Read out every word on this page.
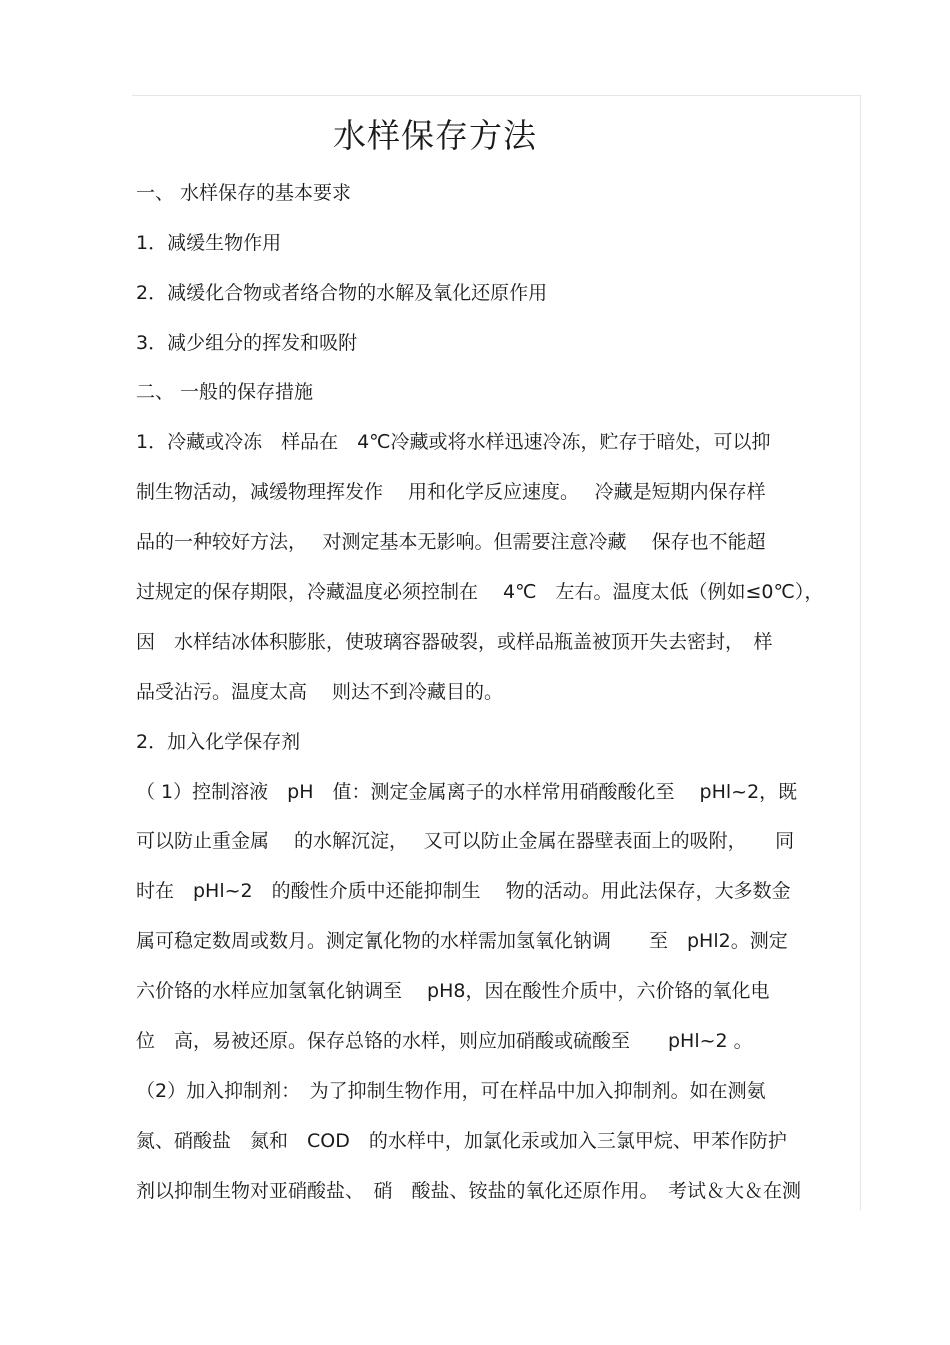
水样保存方法
一、 水样保存的基本要求
1．减缓生物作用
2．减缓化合物或者络合物的水解及氧化还原作用
3．减少组分的挥发和吸附
二、 一般的保存措施
1．冷藏或冷冻　样品在　4℃冷藏或将水样迅速冷冻，贮存于暗处，可以抑
制生物活动，减缓物理挥发作　 用和化学反应速度。　 冷藏是短期内保存样
品的一种较好方法，　 对测定基本无影响。但需要注意冷藏　 保存也不能超
过规定的保存期限，冷藏温度必须控制在　 4℃　左右。温度太低（例如≤0℃），
因　水样结冰体积膨胀，使玻璃容器破裂，或样品瓶盖被顶开失去密封，　样
品受沾污。温度太高　 则达不到冷藏目的。
2．加入化学保存剂
（ 1）控制溶液　pH　值：测定金属离子的水样常用硝酸酸化至　 pHl~2，既
可以防止重金属　 的水解沉淀，　 又可以防止金属在器壁表面上的吸附，　　同
时在　pHl~2　的酸性介质中还能抑制生　 物的活动。用此法保存，大多数金
属可稳定数周或数月。测定氰化物的水样需加氢氧化钠调　　至　pHl2。测定
六价铬的水样应加氢氧化钠调至　 pH8，因在酸性介质中，六价铬的氧化电
位　高，易被还原。保存总铬的水样，则应加硝酸或硫酸至　　pHl~2 。
（2）加入抑制剂：　为了抑制生物作用，可在样品中加入抑制剂。如在测氨
氮、硝酸盐　氮和　COD　的水样中，加氯化汞或加入三氯甲烷、甲苯作防护
剂以抑制生物对亚硝酸盐、　硝　酸盐、铵盐的氧化还原作用。　考试＆大＆在测
